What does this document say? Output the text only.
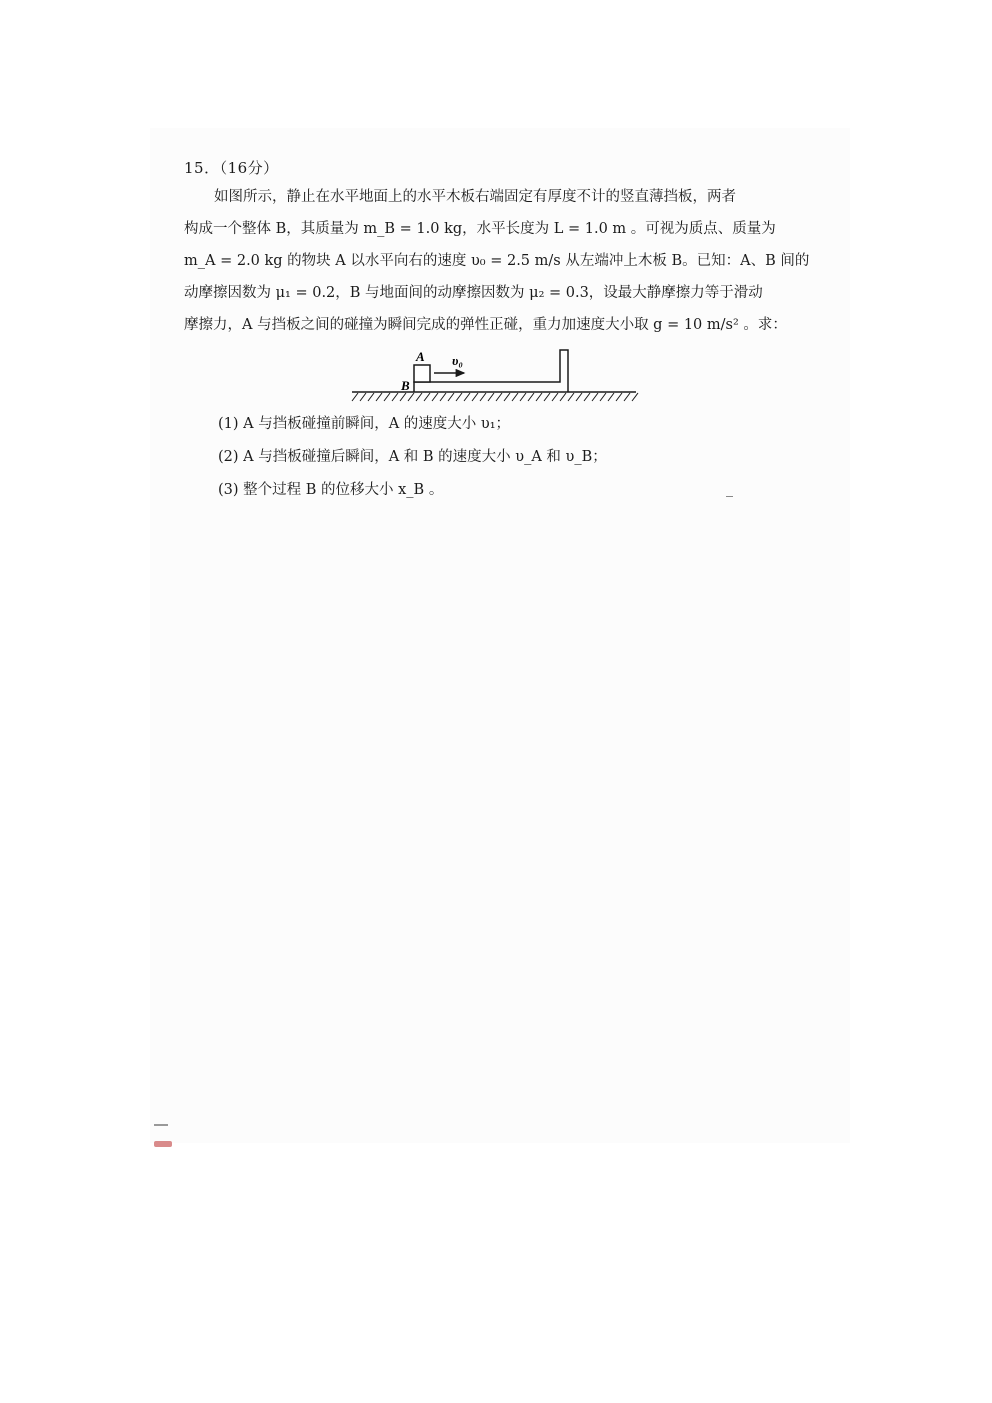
15．（16分）
如图所示，静止在水平地面上的水平木板右端固定有厚度不计的竖直薄挡板，两者
构成一个整体 B，其质量为 m_B = 1.0 kg，水平长度为 L = 1.0 m 。可视为质点、质量为
m_A = 2.0 kg 的物块 A 以水平向右的速度 υ₀ = 2.5 m/s 从左端冲上木板 B。已知：A、B 间的
动摩擦因数为 μ₁ = 0.2，B 与地面间的动摩擦因数为 μ₂ = 0.3，设最大静摩擦力等于滑动
摩擦力，A 与挡板之间的碰撞为瞬间完成的弹性正碰，重力加速度大小取 g = 10 m/s² 。求：
A
B
υ₀
(1) A 与挡板碰撞前瞬间，A 的速度大小 υ₁；
(2) A 与挡板碰撞后瞬间，A 和 B 的速度大小 υ_A 和 υ_B；
(3) 整个过程 B 的位移大小 x_B 。
